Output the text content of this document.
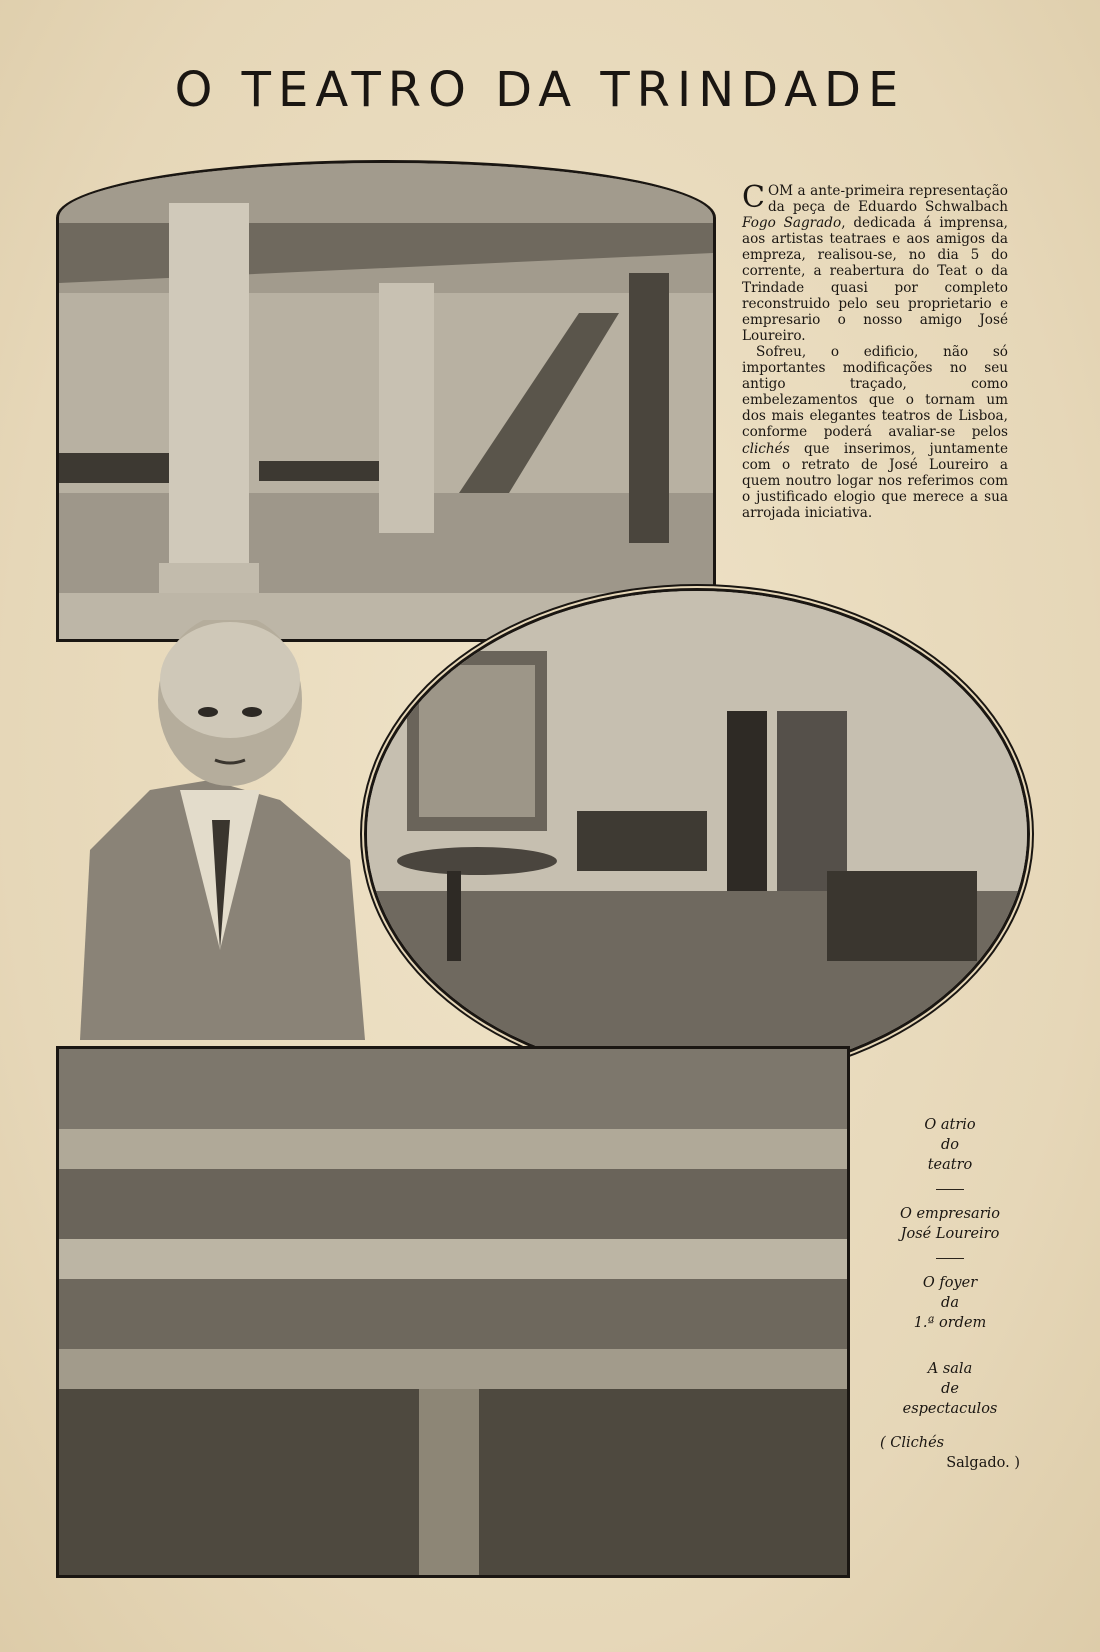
O TEATRO DA TRINDADE

COM a ante-primeira representação da peça de Eduardo Schwalbach Fogo Sagrado, dedicada á imprensa, aos artistas teatraes e aos amigos da empreza, realisou-se, no dia 5 do corrente, a reabertura do Teat o da Trindade quasi por completo reconstruido pelo seu proprietario e empresario o nosso amigo José Loureiro.

Sofreu, o edificio, não só importantes modificações no seu antigo traçado, como embelezamentos que o tornam um dos mais elegantes teatros de Lisboa, conforme poderá avaliar-se pelos clichés que inserimos, juntamente com o retrato de José Loureiro a quem noutro logar nos referimos com o justificado elogio que merece a sua arrojada iniciativa.

O atrio
do
teatro
O empresario
José Loureiro
O foyer
da
1.ª ordem
A sala
de
espectaculos
( Clichés
Salgado. )
